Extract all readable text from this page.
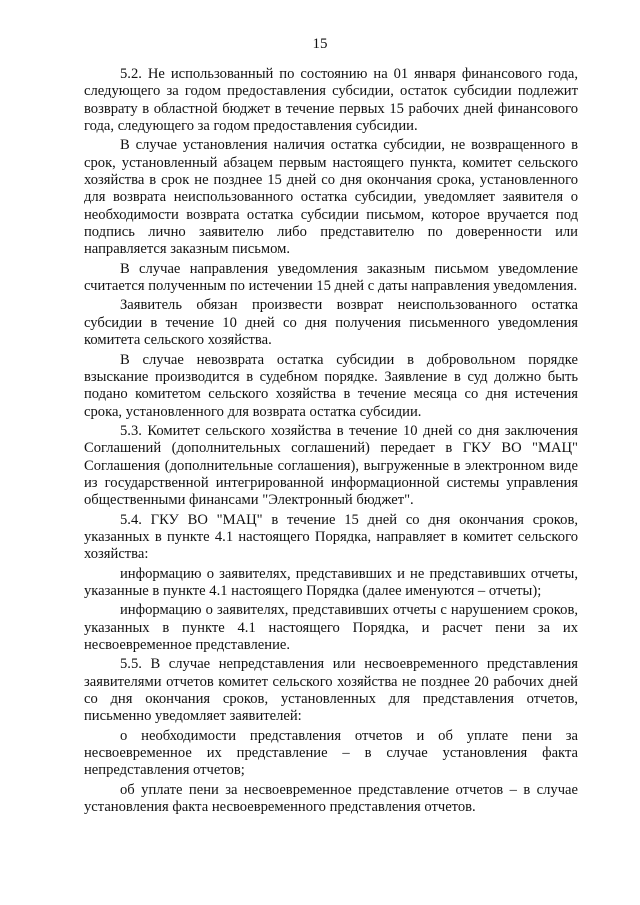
15

5.2. Не использованный по состоянию на 01 января финансового года, следующего за годом предоставления субсидии, остаток субсидии подлежит возврату в областной бюджет в течение первых 15 рабочих дней финансового года, следующего за годом предоставления субсидии.

В случае установления наличия остатка субсидии, не возвращенного в срок, установленный абзацем первым настоящего пункта, комитет сельского хозяйства в срок не позднее 15 дней со дня окончания срока, установленного для возврата неиспользованного остатка субсидии, уведомляет заявителя о необходимости возврата остатка субсидии письмом, которое вручается под подпись лично заявителю либо представителю по доверенности или направляется заказным письмом.

В случае направления уведомления заказным письмом уведомление считается полученным по истечении 15 дней с даты направления уведомления.

Заявитель обязан произвести возврат неиспользованного остатка субсидии в течение 10 дней со дня получения письменного уведомления комитета сельского хозяйства.

В случае невозврата остатка субсидии в добровольном порядке взыскание производится в судебном порядке. Заявление в суд должно быть подано комитетом сельского хозяйства в течение месяца со дня истечения срока, установленного для возврата остатка субсидии.

5.3. Комитет сельского хозяйства в течение 10 дней со дня заключения Соглашений (дополнительных соглашений) передает в ГКУ ВО "МАЦ" Соглашения (дополнительные соглашения), выгруженные в электронном виде из государственной интегрированной информационной системы управления общественными финансами "Электронный бюджет".

5.4. ГКУ ВО "МАЦ" в течение 15 дней со дня окончания сроков, указанных в пункте 4.1 настоящего Порядка, направляет в комитет сельского хозяйства:

информацию о заявителях, представивших и не представивших отчеты, указанные в пункте 4.1 настоящего Порядка (далее именуются – отчеты);

информацию о заявителях, представивших отчеты с нарушением сроков, указанных в пункте 4.1 настоящего Порядка, и расчет пени за их несвоевременное представление.

5.5. В случае непредставления или несвоевременного представления заявителями отчетов комитет сельского хозяйства не позднее 20 рабочих дней со дня окончания сроков, установленных для представления отчетов, письменно уведомляет заявителей:

о необходимости представления отчетов и об уплате пени за несвоевременное их представление – в случае установления факта непредставления отчетов;

об уплате пени за несвоевременное представление отчетов – в случае установления факта несвоевременного представления отчетов.
